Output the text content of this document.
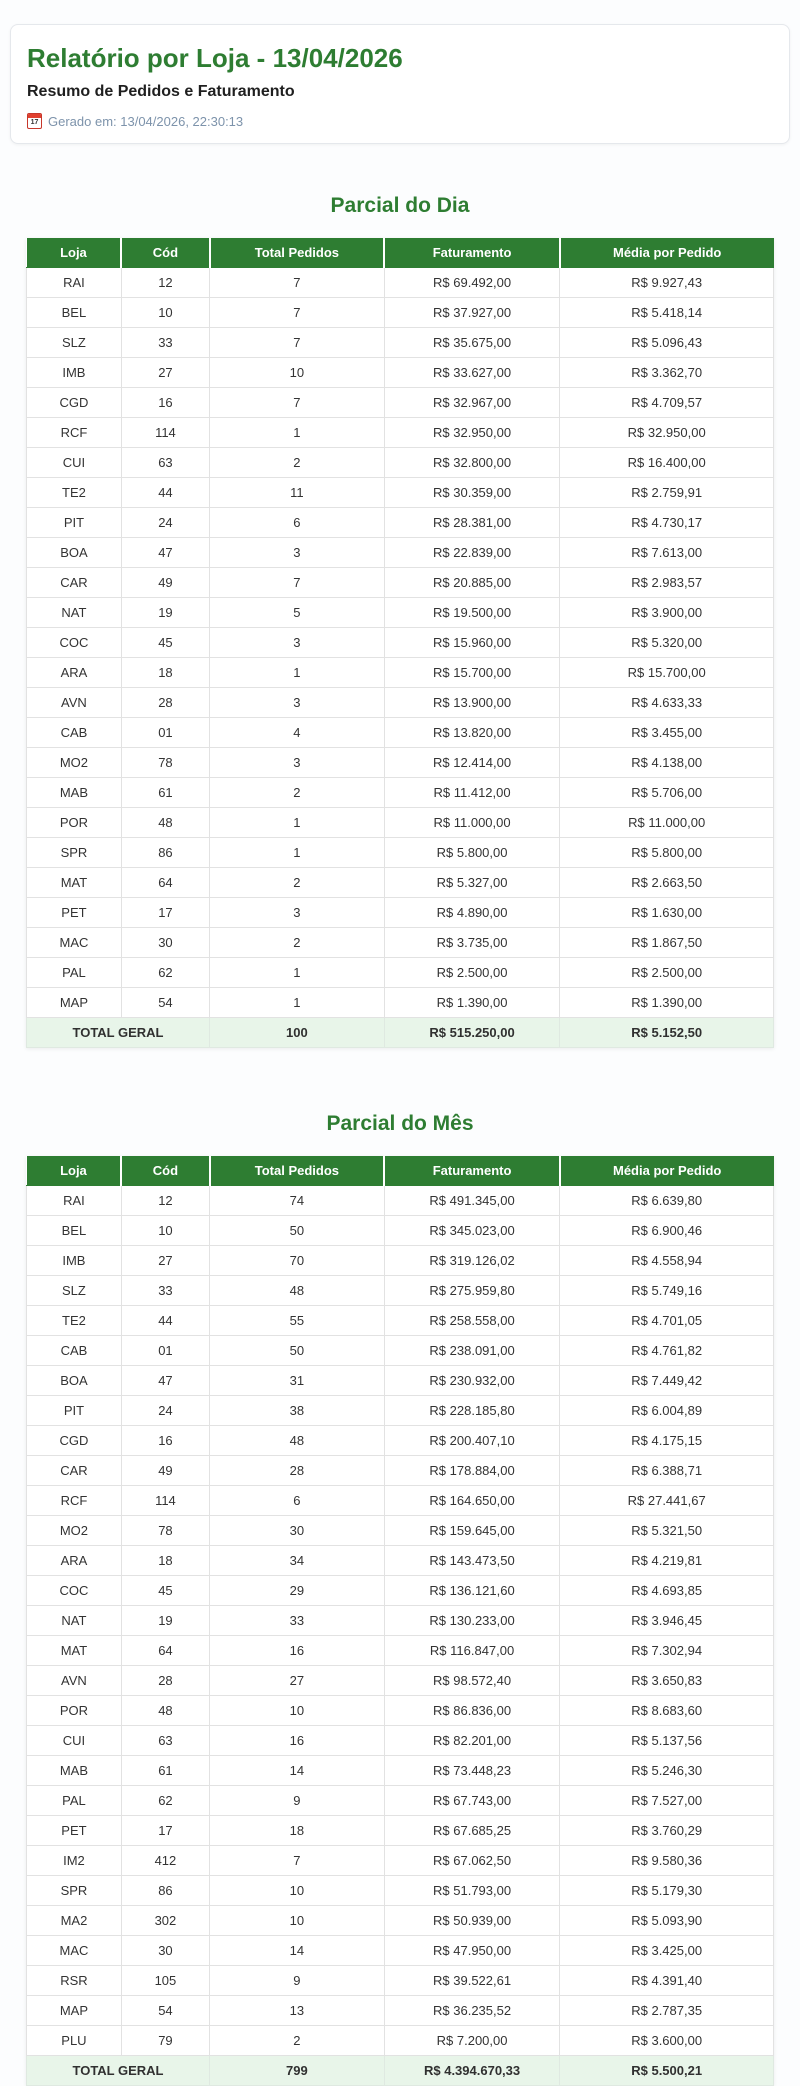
Relatório por Loja - 13/04/2026
Resumo de Pedidos e Faturamento
17
Gerado em: 13/04/2026, 22:30:13
Parcial do Dia
Loja	Cód	Total Pedidos	Faturamento	Média por Pedido
RAI	12	7	R$ 69.492,00	R$ 9.927,43
BEL	10	7	R$ 37.927,00	R$ 5.418,14
SLZ	33	7	R$ 35.675,00	R$ 5.096,43
IMB	27	10	R$ 33.627,00	R$ 3.362,70
CGD	16	7	R$ 32.967,00	R$ 4.709,57
RCF	114	1	R$ 32.950,00	R$ 32.950,00
CUI	63	2	R$ 32.800,00	R$ 16.400,00
TE2	44	11	R$ 30.359,00	R$ 2.759,91
PIT	24	6	R$ 28.381,00	R$ 4.730,17
BOA	47	3	R$ 22.839,00	R$ 7.613,00
CAR	49	7	R$ 20.885,00	R$ 2.983,57
NAT	19	5	R$ 19.500,00	R$ 3.900,00
COC	45	3	R$ 15.960,00	R$ 5.320,00
ARA	18	1	R$ 15.700,00	R$ 15.700,00
AVN	28	3	R$ 13.900,00	R$ 4.633,33
CAB	01	4	R$ 13.820,00	R$ 3.455,00
MO2	78	3	R$ 12.414,00	R$ 4.138,00
MAB	61	2	R$ 11.412,00	R$ 5.706,00
POR	48	1	R$ 11.000,00	R$ 11.000,00
SPR	86	1	R$ 5.800,00	R$ 5.800,00
MAT	64	2	R$ 5.327,00	R$ 2.663,50
PET	17	3	R$ 4.890,00	R$ 1.630,00
MAC	30	2	R$ 3.735,00	R$ 1.867,50
PAL	62	1	R$ 2.500,00	R$ 2.500,00
MAP	54	1	R$ 1.390,00	R$ 1.390,00
TOTAL GERAL		100	R$ 515.250,00	R$ 5.152,50
Parcial do Mês
Loja	Cód	Total Pedidos	Faturamento	Média por Pedido
RAI	12	74	R$ 491.345,00	R$ 6.639,80
BEL	10	50	R$ 345.023,00	R$ 6.900,46
IMB	27	70	R$ 319.126,02	R$ 4.558,94
SLZ	33	48	R$ 275.959,80	R$ 5.749,16
TE2	44	55	R$ 258.558,00	R$ 4.701,05
CAB	01	50	R$ 238.091,00	R$ 4.761,82
BOA	47	31	R$ 230.932,00	R$ 7.449,42
PIT	24	38	R$ 228.185,80	R$ 6.004,89
CGD	16	48	R$ 200.407,10	R$ 4.175,15
CAR	49	28	R$ 178.884,00	R$ 6.388,71
RCF	114	6	R$ 164.650,00	R$ 27.441,67
MO2	78	30	R$ 159.645,00	R$ 5.321,50
ARA	18	34	R$ 143.473,50	R$ 4.219,81
COC	45	29	R$ 136.121,60	R$ 4.693,85
NAT	19	33	R$ 130.233,00	R$ 3.946,45
MAT	64	16	R$ 116.847,00	R$ 7.302,94
AVN	28	27	R$ 98.572,40	R$ 3.650,83
POR	48	10	R$ 86.836,00	R$ 8.683,60
CUI	63	16	R$ 82.201,00	R$ 5.137,56
MAB	61	14	R$ 73.448,23	R$ 5.246,30
PAL	62	9	R$ 67.743,00	R$ 7.527,00
PET	17	18	R$ 67.685,25	R$ 3.760,29
IM2	412	7	R$ 67.062,50	R$ 9.580,36
SPR	86	10	R$ 51.793,00	R$ 5.179,30
MA2	302	10	R$ 50.939,00	R$ 5.093,90
MAC	30	14	R$ 47.950,00	R$ 3.425,00
RSR	105	9	R$ 39.522,61	R$ 4.391,40
MAP	54	13	R$ 36.235,52	R$ 2.787,35
PLU	79	2	R$ 7.200,00	R$ 3.600,00
TOTAL GERAL		799	R$ 4.394.670,33	R$ 5.500,21
